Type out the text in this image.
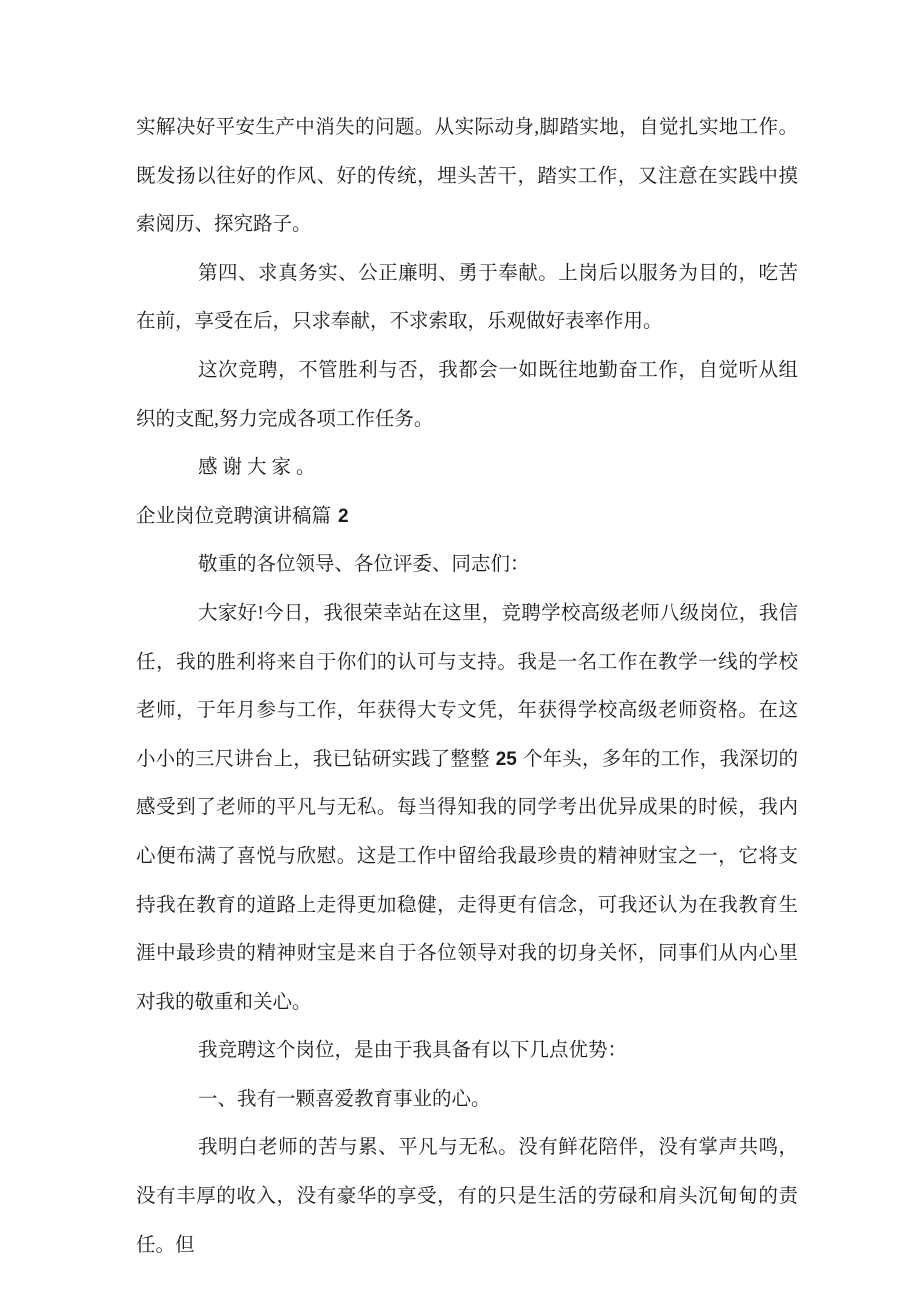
实解决好平安生产中消失的问题。从实际动身,脚踏实地，自觉扎实地工作。既发扬以往好的作风、好的传统，埋头苦干，踏实工作，又注意在实践中摸索阅历、探究路子。

第四、求真务实、公正廉明、勇于奉献。上岗后以服务为目的，吃苦在前，享受在后，只求奉献，不求索取，乐观做好表率作用。

这次竞聘，不管胜利与否，我都会一如既往地勤奋工作，自觉听从组织的支配,努力完成各项工作任务。

感谢大家。

企业岗位竞聘演讲稿篇 2

敬重的各位领导、各位评委、同志们：

大家好!今日，我很荣幸站在这里，竞聘学校高级老师八级岗位，我信任，我的胜利将来自于你们的认可与支持。我是一名工作在教学一线的学校老师，于年月参与工作，年获得大专文凭，年获得学校高级老师资格。在这小小的三尺讲台上，我已钻研实践了整整 25 个年头，多年的工作，我深切的感受到了老师的平凡与无私。每当得知我的同学考出优异成果的时候，我内心便布满了喜悦与欣慰。这是工作中留给我最珍贵的精神财宝之一，它将支持我在教育的道路上走得更加稳健，走得更有信念，可我还认为在我教育生涯中最珍贵的精神财宝是来自于各位领导对我的切身关怀，同事们从内心里对我的敬重和关心。

我竞聘这个岗位，是由于我具备有以下几点优势：

一、我有一颗喜爱教育事业的心。

我明白老师的苦与累、平凡与无私。没有鲜花陪伴，没有掌声共鸣，没有丰厚的收入，没有豪华的享受，有的只是生活的劳碌和肩头沉甸甸的责任。但
